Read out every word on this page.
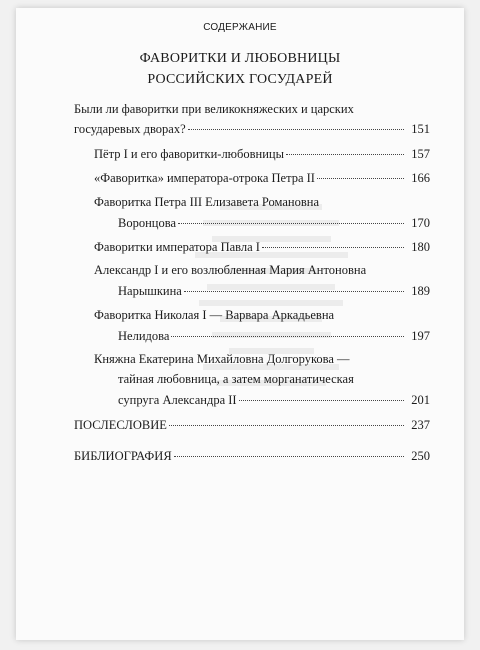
СОДЕРЖАНИЕ
ФАВОРИТКИ И ЛЮБОВНИЦЫ
РОССИЙСКИХ ГОСУДАРЕЙ
Были ли фаворитки при великокняжеских и царских
государевых дворах?	151
Пётр I и его фаворитки-любовницы	157
«Фаворитка» императора-отрока Петра II	166
Фаворитка Петра III Елизавета Романовна
Воронцова	170
Фаворитки императора Павла I	180
Александр I и его возлюбленная Мария Антоновна
Нарышкина	189
Фаворитка Николая I — Варвара Аркадьевна
Нелидова	197
Княжна Екатерина Михайловна Долгорукова —
тайная любовница, а затем морганатическая
супруга Александра II	201
ПОСЛЕСЛОВИЕ	237
БИБЛИОГРАФИЯ	250
